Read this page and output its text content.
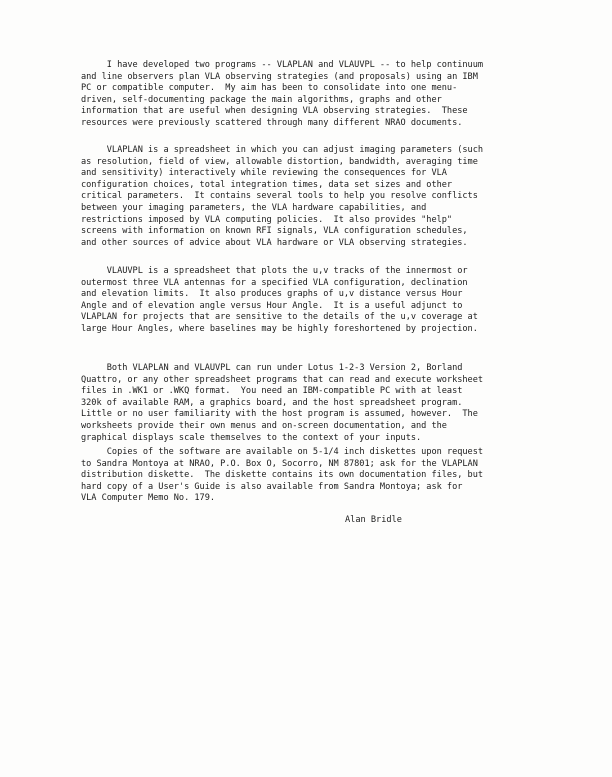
I have developed two programs -- VLAPLAN and VLAUVPL -- to help continuum
and line observers plan VLA observing strategies (and proposals) using an IBM
PC or compatible computer.  My aim has been to consolidate into one menu-
driven, self-documenting package the main algorithms, graphs and other
information that are useful when designing VLA observing strategies.  These
resources were previously scattered through many different NRAO documents.

VLAPLAN is a spreadsheet in which you can adjust imaging parameters (such
as resolution, field of view, allowable distortion, bandwidth, averaging time
and sensitivity) interactively while reviewing the consequences for VLA
configuration choices, total integration times, data set sizes and other
critical parameters.  It contains several tools to help you resolve conflicts
between your imaging parameters, the VLA hardware capabilities, and
restrictions imposed by VLA computing policies.  It also provides "help"
screens with information on known RFI signals, VLA configuration schedules,
and other sources of advice about VLA hardware or VLA observing strategies.

VLAUVPL is a spreadsheet that plots the u,v tracks of the innermost or
outermost three VLA antennas for a specified VLA configuration, declination
and elevation limits.  It also produces graphs of u,v distance versus Hour
Angle and of elevation angle versus Hour Angle.  It is a useful adjunct to
VLAPLAN for projects that are sensitive to the details of the u,v coverage at
large Hour Angles, where baselines may be highly foreshortened by projection.

Both VLAPLAN and VLAUVPL can run under Lotus 1-2-3 Version 2, Borland
Quattro, or any other spreadsheet programs that can read and execute worksheet
files in .WK1 or .WKQ format.  You need an IBM-compatible PC with at least
320k of available RAM, a graphics board, and the host spreadsheet program.
Little or no user familiarity with the host program is assumed, however.  The
worksheets provide their own menus and on-screen documentation, and the
graphical displays scale themselves to the context of your inputs.

Copies of the software are available on 5-1/4 inch diskettes upon request
to Sandra Montoya at NRAO, P.O. Box O, Socorro, NM 87801; ask for the VLAPLAN
distribution diskette.  The diskette contains its own documentation files, but
hard copy of a User's Guide is also available from Sandra Montoya; ask for
VLA Computer Memo No. 179.

Alan Bridle
